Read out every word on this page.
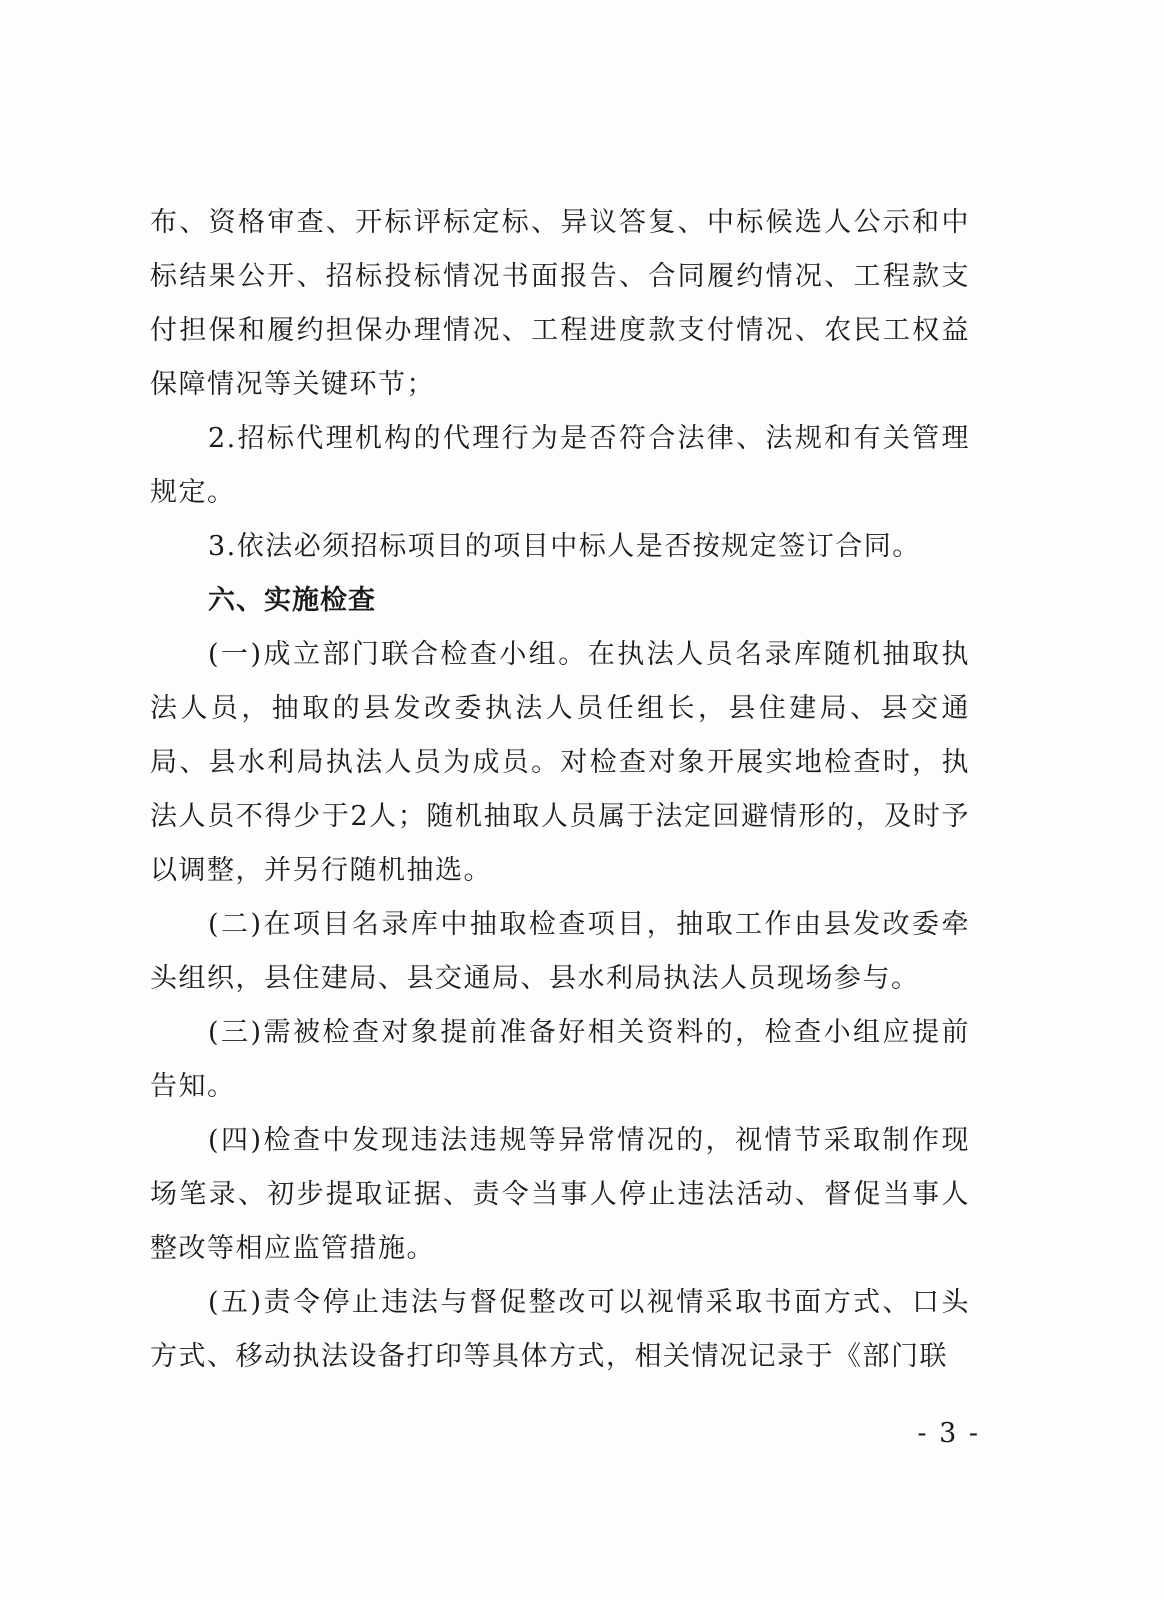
布、资格审查、开标评标定标、异议答复、中标候选人公示和中标结果公开、招标投标情况书面报告、合同履约情况、工程款支付担保和履约担保办理情况、工程进度款支付情况、农民工权益保障情况等关键环节；

2.招标代理机构的代理行为是否符合法律、法规和有关管理规定。

3.依法必须招标项目的项目中标人是否按规定签订合同。

六、实施检查

(一)成立部门联合检查小组。在执法人员名录库随机抽取执法人员，抽取的县发改委执法人员任组长，县住建局、县交通局、县水利局执法人员为成员。对检查对象开展实地检查时，执法人员不得少于2人；随机抽取人员属于法定回避情形的，及时予以调整，并另行随机抽选。

(二)在项目名录库中抽取检查项目，抽取工作由县发改委牵头组织，县住建局、县交通局、县水利局执法人员现场参与。

(三)需被检查对象提前准备好相关资料的，检查小组应提前告知。

(四)检查中发现违法违规等异常情况的，视情节采取制作现场笔录、初步提取证据、责令当事人停止违法活动、督促当事人整改等相应监管措施。

(五)责令停止违法与督促整改可以视情采取书面方式、口头方式、移动执法设备打印等具体方式，相关情况记录于《部门联

- 3 -
